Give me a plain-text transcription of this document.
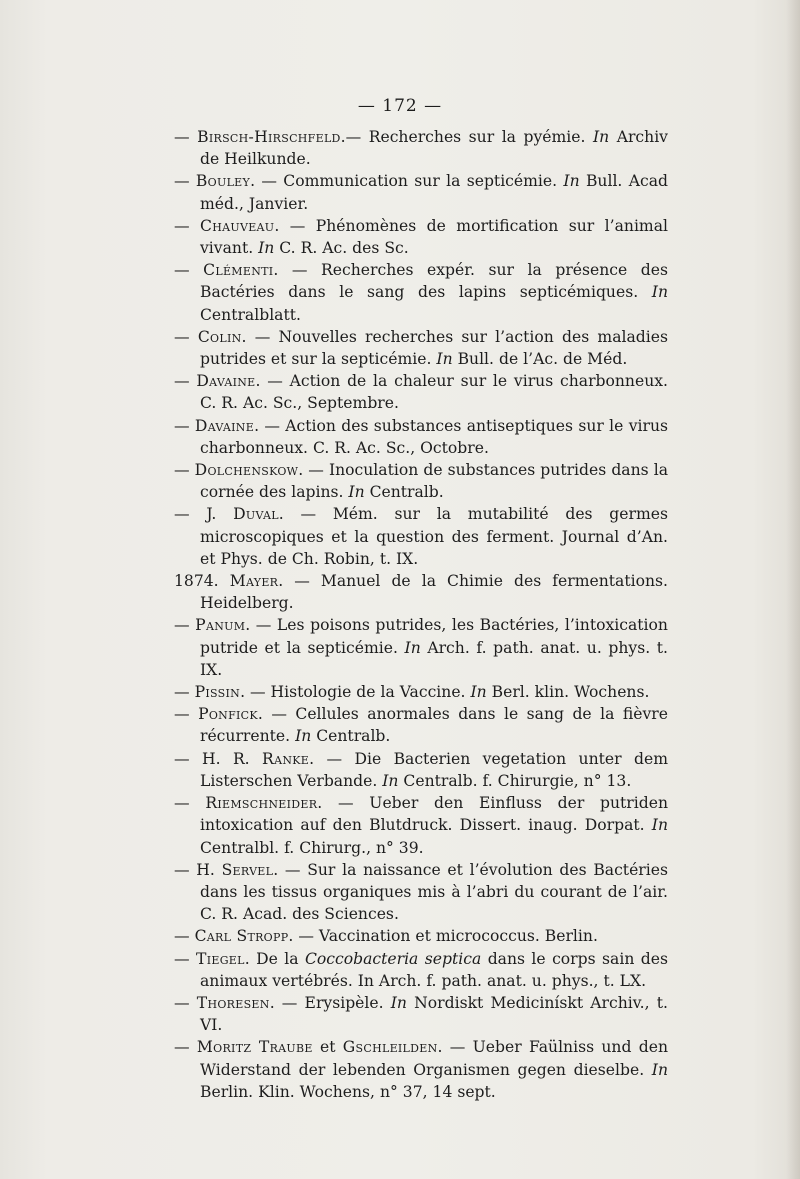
— 172 —

— Birsch-Hirschfeld.— Recherches sur la pyémie. In Archiv de Heilkunde.

— Bouley. — Communication sur la septicémie. In Bull. Acad méd., Janvier.

— Chauveau. — Phénomènes de mortification sur l’animal vivant. In C. R. Ac. des Sc.

— Clémenti. — Recherches expér. sur la présence des Bactéries dans le sang des lapins septicémiques. In Centralblatt.

— Colin. — Nouvelles recherches sur l’action des maladies putrides et sur la septicémie. In Bull. de l’Ac. de Méd.

— Davaine. — Action de la chaleur sur le virus charbonneux. C. R. Ac. Sc., Septembre.

— Davaine. — Action des substances antiseptiques sur le virus charbonneux. C. R. Ac. Sc., Octobre.

— Dolchenskow. — Inoculation de substances putrides dans la cornée des lapins. In Centralb.

— J. Duval. — Mém. sur la mutabilité des germes microscopiques et la question des ferment. Journal d’An. et Phys. de Ch. Robin, t. IX.

1874. Mayer. — Manuel de la Chimie des fermentations. Heidelberg.

— Panum. — Les poisons putrides, les Bactéries, l’intoxication putride et la septicémie. In Arch. f. path. anat. u. phys. t. IX.

— Pissin. — Histologie de la Vaccine. In Berl. klin. Wochens.

— Ponfick. — Cellules anormales dans le sang de la fièvre récurrente. In Centralb.

— H. R. Ranke. — Die Bacterien vegetation unter dem Listerschen Verbande. In Centralb. f. Chirurgie, n° 13.

— Riemschneider. — Ueber den Einfluss der putriden intoxication auf den Blutdruck. Dissert. inaug. Dorpat. In Centralbl. f. Chirurg., n° 39.

— H. Servel. — Sur la naissance et l’évolution des Bactéries dans les tissus organiques mis à l’abri du courant de l’air. C. R. Acad. des Sciences.

— Carl Stropp. — Vaccination et micrococcus. Berlin.

— Tiegel. De la Coccobacteria septica dans le corps sain des animaux vertébrés. In Arch. f. path. anat. u. phys., t. LX.

— Thoresen. — Erysipèle. In Nordiskt Medicinískt Archiv., t. VI.

— Moritz Traube et Gschleilden. — Ueber Faülniss und den Widerstand der lebenden Organismen gegen dieselbe. In Berlin. Klin. Wochens, n° 37, 14 sept.
